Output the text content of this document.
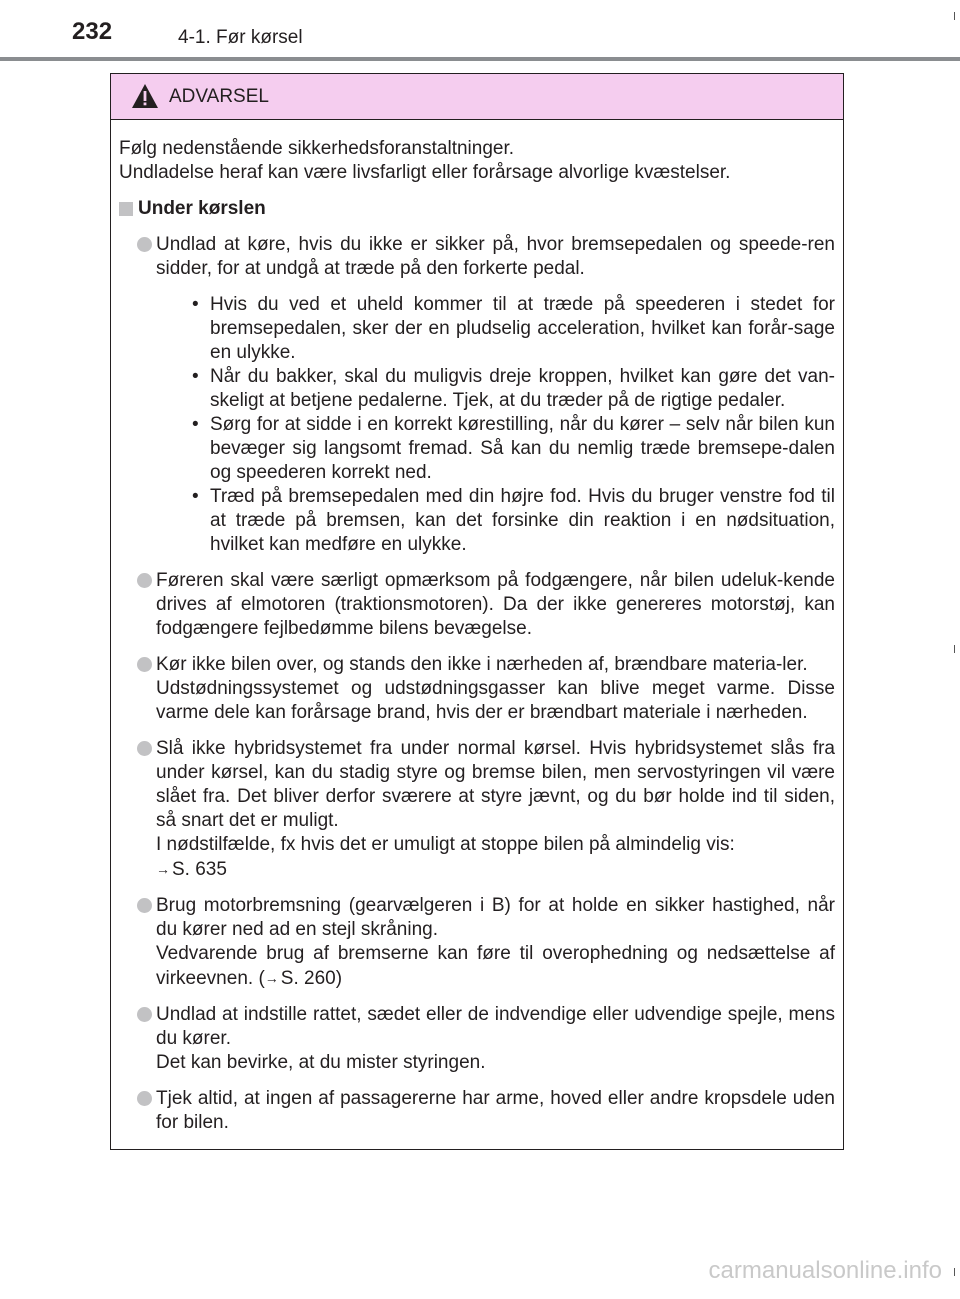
232	4-1. Før kørsel
ADVARSEL

Følg nedenstående sikkerhedsforanstaltninger.

Undladelse heraf kan være livsfarligt eller forårsage alvorlige kvæstelser.

Under kørslen

Undlad at køre, hvis du ikke er sikker på, hvor bremsepedalen og speede-ren sidder, for at undgå at træde på den forkerte pedal.

• Hvis du ved et uheld kommer til at træde på speederen i stedet for bremsepedalen, sker der en pludselig acceleration, hvilket kan forår-sage en ulykke.
• Når du bakker, skal du muligvis dreje kroppen, hvilket kan gøre det van-skeligt at betjene pedalerne. Tjek, at du træder på de rigtige pedaler.
• Sørg for at sidde i en korrekt kørestilling, når du kører – selv når bilen kun bevæger sig langsomt fremad. Så kan du nemlig træde bremsepe-dalen og speederen korrekt ned.
• Træd på bremsepedalen med din højre fod. Hvis du bruger venstre fod til at træde på bremsen, kan det forsinke din reaktion i en nødsituation, hvilket kan medføre en ulykke.

Føreren skal være særligt opmærksom på fodgængere, når bilen udeluk-kende drives af elmotoren (traktionsmotoren). Da der ikke genereres motorstøj, kan fodgængere fejlbedømme bilens bevægelse.

Kør ikke bilen over, og stands den ikke i nærheden af, brændbare materia-ler.

Udstødningssystemet og udstødningsgasser kan blive meget varme. Disse varme dele kan forårsage brand, hvis der er brændbart materiale i nærheden.

Slå ikke hybridsystemet fra under normal kørsel. Hvis hybridsystemet slås fra under kørsel, kan du stadig styre og bremse bilen, men servostyringen vil være slået fra. Det bliver derfor sværere at styre jævnt, og du bør holde ind til siden, så snart det er muligt.

I nødstilfælde, fx hvis det er umuligt at stoppe bilen på almindelig vis:

→ S. 635

Brug motorbremsning (gearvælgeren i B) for at holde en sikker hastighed, når du kører ned ad en stejl skråning.

Vedvarende brug af bremserne kan føre til overophedning og nedsættelse af virkeevnen. (→ S. 260)

Undlad at indstille rattet, sædet eller de indvendige eller udvendige spejle, mens du kører.

Det kan bevirke, at du mister styringen.

Tjek altid, at ingen af passagererne har arme, hoved eller andre kropsdele uden for bilen.

carmanualsonline.info
